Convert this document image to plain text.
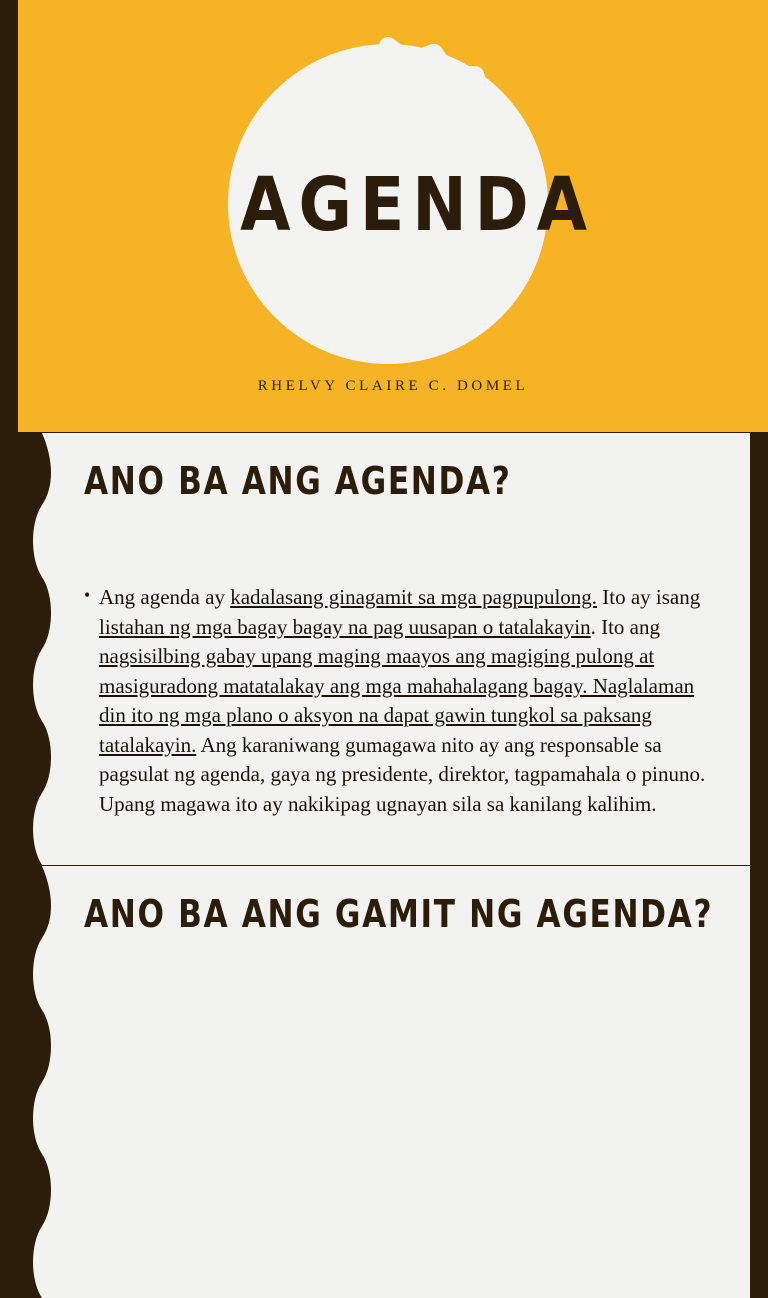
AGENDA

RHELVY CLAIRE C. DOMEL

ANO BA ANG AGENDA?
• Ang agenda ay kadalasang ginagamit sa mga pagpupulong. Ito ay isang listahan ng mga bagay bagay na pag uusapan o tatalakayin. Ito ang nagsisilbing gabay upang maging maayos ang magiging pulong at masiguradong matatalakay ang mga mahahalagang bagay. Naglalaman din ito ng mga plano o aksyon na dapat gawin tungkol sa paksang tatalakayin. Ang karaniwang gumagawa nito ay ang responsable sa pagsulat ng agenda, gaya ng presidente, direktor, tagpamahala o pinuno. Upang magawa ito ay nakikipag ugnayan sila sa kanilang kalihim.
ANO BA ANG GAMIT NG AGENDA?
